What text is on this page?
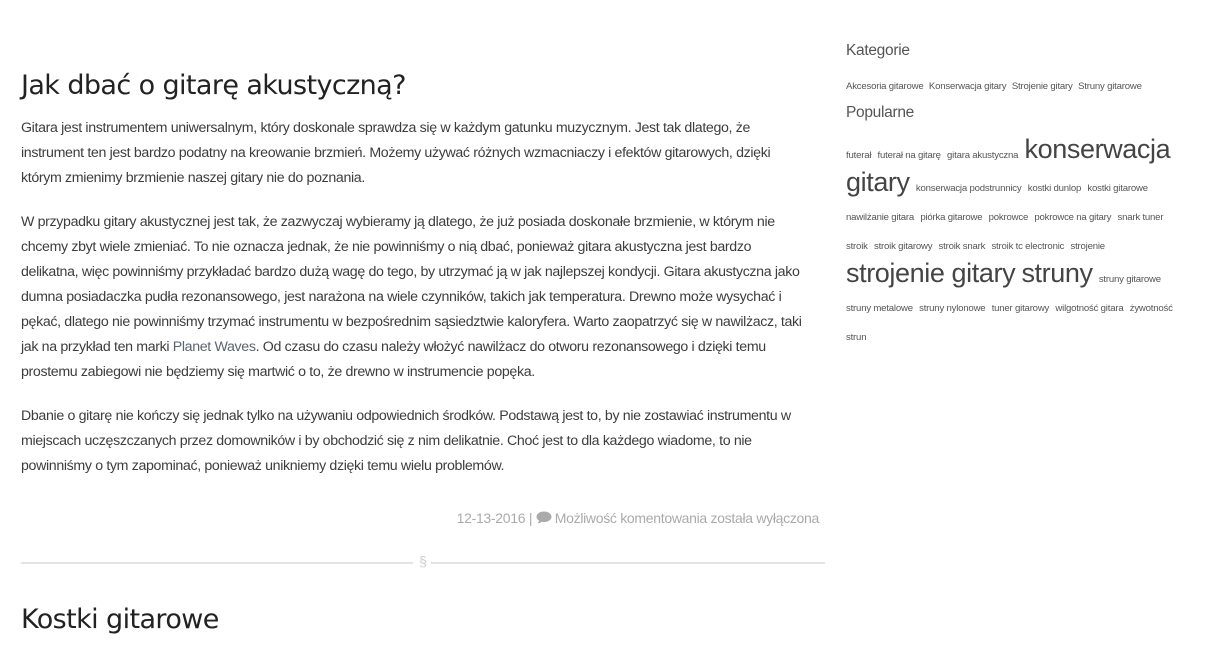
Jak dbać o gitarę akustyczną?

Gitara jest instrumentem uniwersalnym, który doskonale sprawdza się w każdym gatunku muzycznym. Jest tak dlatego, że instrument ten jest bardzo podatny na kreowanie brzmień. Możemy używać różnych wzmacniaczy i efektów gitarowych, dzięki którym zmienimy brzmienie naszej gitary nie do poznania.

W przypadku gitary akustycznej jest tak, że zazwyczaj wybieramy ją dlatego, że już posiada doskonałe brzmienie, w którym nie chcemy zbyt wiele zmieniać. To nie oznacza jednak, że nie powinniśmy o nią dbać, ponieważ gitara akustyczna jest bardzo delikatna, więc powinniśmy przykładać bardzo dużą wagę do tego, by utrzymać ją w jak najlepszej kondycji. Gitara akustyczna jako dumna posiadaczka pudła rezonansowego, jest narażona na wiele czynników, takich jak temperatura. Drewno może wysychać i pękać, dlatego nie powinniśmy trzymać instrumentu w bezpośrednim sąsiedztwie kaloryfera. Warto zaopatrzyć się w nawilżacz, taki jak na przykład ten marki Planet Waves. Od czasu do czasu należy włożyć nawilżacz do otworu rezonansowego i dzięki temu prostemu zabiegowi nie będziemy się martwić o to, że drewno w instrumencie popęka.

Dbanie o gitarę nie kończy się jednak tylko na używaniu odpowiednich środków. Podstawą jest to, by nie zostawiać instrumentu w miejscach uczęszczanych przez domowników i by obchodzić się z nim delikatnie. Choć jest to dla każdego wiadome, to nie powinniśmy o tym zapominać, ponieważ unikniemy dzięki temu wielu problemów.

12-13-2016 | Możliwość komentowania została wyłączona
§
Kostki gitarowe
Kategorie
Akcesoria gitarowe Konserwacja gitary Strojenie gitary Struny gitarowe
Popularne
futerał futerał na gitarę gitara akustyczna konserwacja gitary konserwacja podstrunnicy kostki dunlop kostki gitarowe nawilżanie gitara piórka gitarowe pokrowce pokrowce na gitary snark tuner stroik stroik gitarowy stroik snark stroik tc electronic strojenie strojenie gitary struny struny gitarowe struny metalowe struny nylonowe tuner gitarowy wilgotność gitara żywotność strun
